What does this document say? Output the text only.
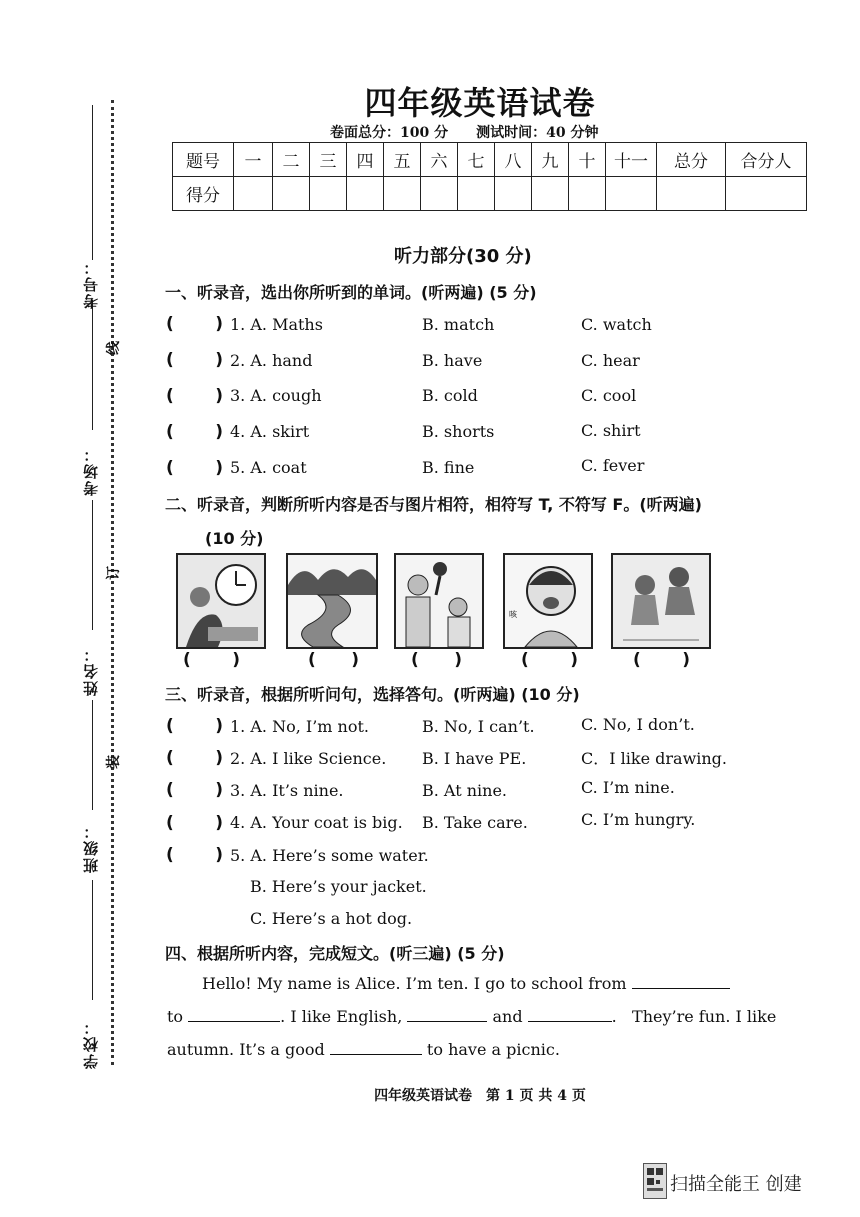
考号：
考场：
姓名：
班级：
学校：
线
订
装
四年级英语试卷
卷面总分：100 分　　测试时间：40 分钟
题号	一	二	三	四	五	六	七	八	九	十	十一	总分	合分人
得分													
听力部分(30 分)
一、听录音，选出你所听到的单词。(听两遍) (5 分)
(       ) 1. A. Maths	B. match	C. watch
(       ) 2. A. hand	B. have	C. hear
(       ) 3. A. cough	B. cold	C. cool
(       ) 4. A. skirt	B. shorts	C. shirt
(       ) 5. A. coat	B. fine	C. fever
二、听录音，判断所听内容是否与图片相符，相符写 T, 不符写 F。(听两遍)
(10 分)
咳
(       )	(      )	(      )	(       )	(       )
三、听录音，根据所听问句，选择答句。(听两遍) (10 分)
(       ) 1. A. No, I’m not.	B. No, I can’t.	C. No, I don’t.
(       ) 2. A. I like Science. B. I have PE.	C．I like drawing.
(       ) 3. A. It’s nine.	B. At nine.	C. I’m nine.
(       ) 4. A. Your coat is big. B. Take care.	C. I’m hungry.
(       ) 5. A. Here’s some water.
B. Here’s your jacket.
C. Here’s a hot dog.
四、根据所听内容，完成短文。(听三遍) (5 分)
Hello! My name is Alice. I’m ten. I go to school from
to	. I like English,	and	. They’re fun. I like
autumn. It’s a good	to have a picnic.
四年级英语试卷　第 1 页 共 4 页
扫描全能王 创建
